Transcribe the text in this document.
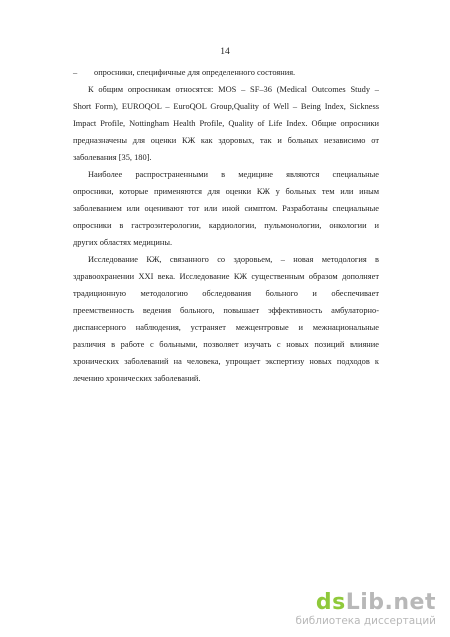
14
– опросники, специфичные для определенного состояния.
К общим опросникам относятся: MOS – SF–36 (Medical Outcomes Study –
Short Form), EUROQOL – EuroQOL Group,Quality of Well – Being Index, Sickness
Impact Profile, Nottingham Health Profile, Quality of Life Index. Общие опросники
предназначены для оценки КЖ как здоровых, так и больных независимо от
заболевания [35, 180].
Наиболее распространенными в медицине являются специальные
опросники, которые применяются для оценки КЖ у больных тем или иным
заболеванием или оценивают тот или иной симптом. Разработаны специальные
опросники в гастроэнтерологии, кардиологии, пульмонологии, онкологии и
других областях медицины.
Исследование КЖ, связанного со здоровьем, – новая методология в
здравоохранении XXI века. Исследование КЖ существенным образом дополняет
традиционную методологию обследования больного и обеспечивает
преемственность ведения больного, повышает эффективность амбулаторно-
диспансерного наблюдения, устраняет межцентровые и межнациональные
различия в работе с больными, позволяет изучать с новых позиций влияние
хронических заболеваний на человека, упрощает экспертизу новых подходов к
лечению хронических заболеваний.
dsLib.net
библиотека диссертаций
